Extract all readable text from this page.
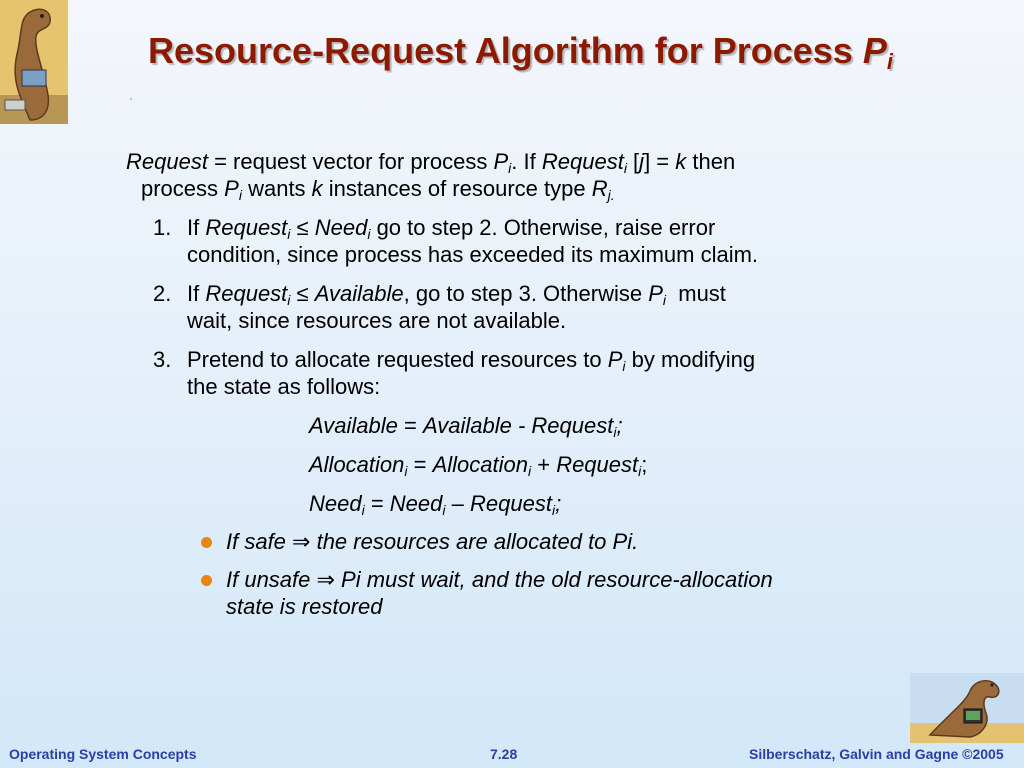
Resource-Request Algorithm for Process $P_i$
Request = request vector for process $P_i$. If Request$_i$ [j] = k then
process $P_i$ wants k instances of resource type $R_{j.}$
1. If Request$_i$ ≤ Need$_i$ go to step 2. Otherwise, raise error
condition, since process has exceeded its maximum claim.
2. If Request$_i$ ≤ Available, go to step 3. Otherwise $P_i$  must
wait, since resources are not available.
3. Pretend to allocate requested resources to $P_i$ by modifying
the state as follows:
Available = Available - Request$_i$;
Allocation$_i$ = Allocation$_i$ + Request$_i$;
Need$_i$ = Need$_i$ – Request$_i$;
If safe ⇒ the resources are allocated to Pi.
If unsafe ⇒ Pi must wait, and the old resource-allocation
state is restored
Operating System Concepts	7.28	Silberschatz, Galvin and Gagne ©2005
